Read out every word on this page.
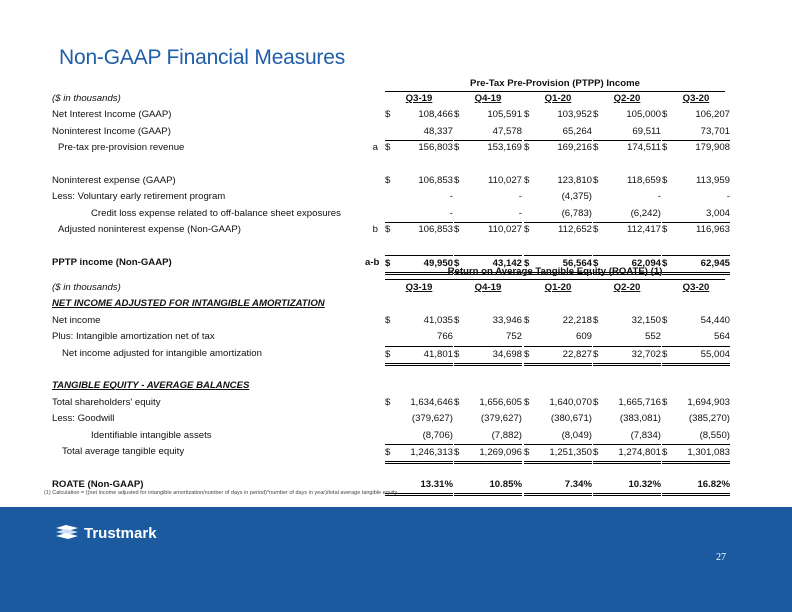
Non-GAAP Financial Measures
Pre-Tax Pre-Provision (PTPP) Income
($ in thousands)	Q3-19	Q4-19	Q1-20	Q2-20	Q3-20
Net Interest Income (GAAP)	$	108,466 $	105,591 $	103,952 $	105,000 $	106,207
Noninterest Income (GAAP)	48,337	47,578	65,264	69,511	73,701
Pre-tax pre-provision revenue	a $	156,803 $	153,169 $	169,216 $	174,511 $	179,908
Noninterest expense (GAAP)	$	106,853 $	110,027 $	123,810 $	118,659 $	113,959
Less: Voluntary early retirement program	-	-	(4,375)	-	-
Credit loss expense related to off-balance sheet exposures	-	-	(6,783)	(6,242)	3,004
Adjusted noninterest expense (Non-GAAP)	b $	106,853 $	110,027 $	112,652 $	112,417 $	116,963
PPTP income (Non-GAAP)	a-b $	49,950 $	43,142 $	56,564 $	62,094 $	62,945
Return on Average Tangible Equity (ROATE) (1)
($ in thousands)	Q3-19	Q4-19	Q1-20	Q2-20	Q3-20
NET INCOME ADJUSTED FOR INTANGIBLE AMORTIZATION
Net income	$	41,035 $	33,946 $	22,218 $	32,150 $	54,440
Plus: Intangible amortization net of tax	766	752	609	552	564
Net income adjusted for intangible amortization	$	41,801 $	34,698 $	22,827 $	32,702 $	55,004
TANGIBLE EQUITY - AVERAGE BALANCES
Total shareholders' equity	$ 1,634,646 $ 1,656,605 $ 1,640,070 $ 1,665,716 $ 1,694,903
Less: Goodwill	(379,627)	(379,627)	(380,671)	(383,081)	(385,270)
Identifiable intangible assets	(8,706)	(7,882)	(8,049)	(7,834)	(8,550)
Total average tangible equity	$ 1,246,313 $ 1,269,096 $ 1,251,350 $ 1,274,801 $ 1,301,083
ROATE (Non-GAAP)	13.31%	10.85%	7.34%	10.32%	16.82%
(1) Calculation = ((net income adjusted for intangible amortization/number of days in period)*number of days in year)/total average tangible equity.
Trustmark
27
